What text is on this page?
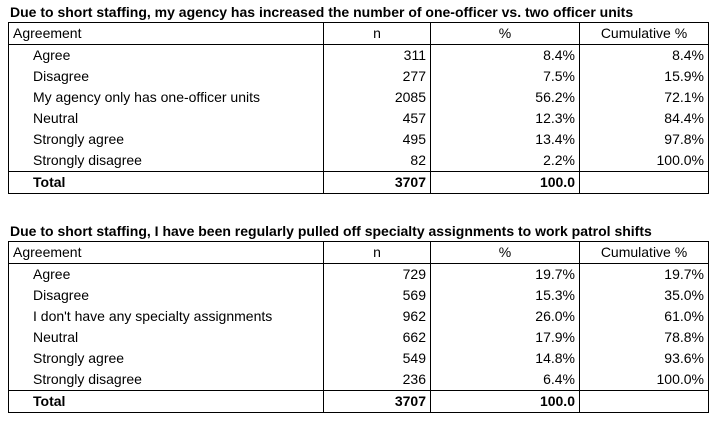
Due to short staffing, my agency has increased the number of one-officer vs. two officer units
Agreement	n	%	Cumulative %
Agree	311	8.4%	8.4%
Disagree	277	7.5%	15.9%
My agency only has one-officer units	2085	56.2%	72.1%
Neutral	457	12.3%	84.4%
Strongly agree	495	13.4%	97.8%
Strongly disagree	82	2.2%	100.0%
Total	3707	100.0	
Due to short staffing, I have been regularly pulled off specialty assignments to work patrol shifts
Agreement	n	%	Cumulative %
Agree	729	19.7%	19.7%
Disagree	569	15.3%	35.0%
I don't have any specialty assignments	962	26.0%	61.0%
Neutral	662	17.9%	78.8%
Strongly agree	549	14.8%	93.6%
Strongly disagree	236	6.4%	100.0%
Total	3707	100.0	
